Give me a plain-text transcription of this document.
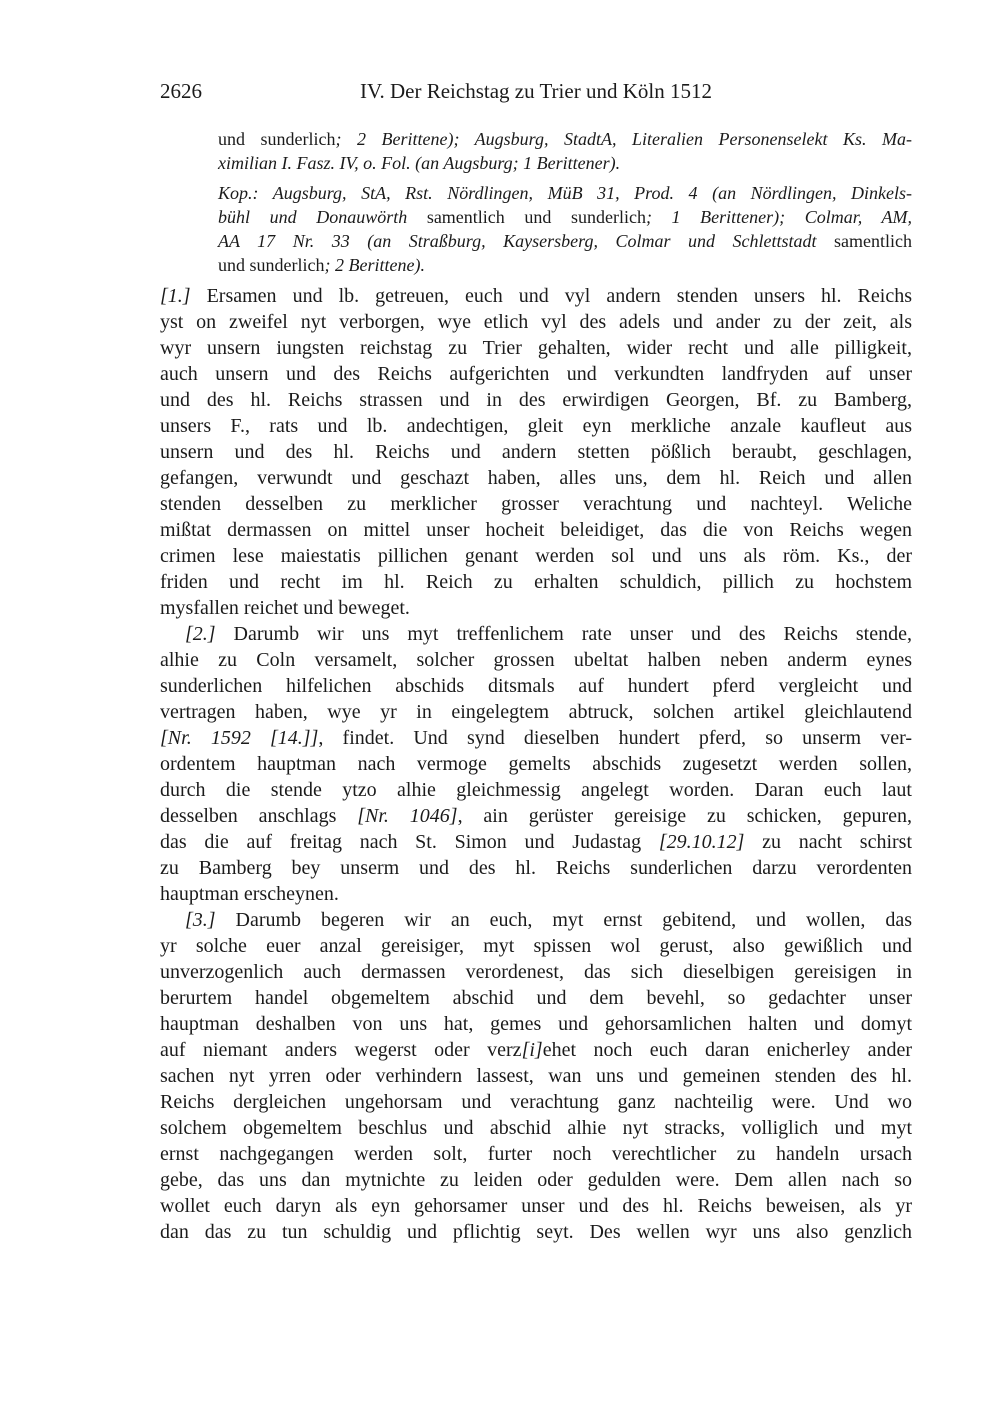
2626	IV. Der Reichstag zu Trier und Köln 1512
und sunderlich; 2 Berittene); Augsburg, StadtA, Literalien Personenselekt Ks. Ma-
ximilian I. Fasz. IV, o. Fol. (an Augsburg; 1 Berittener).
Kop.: Augsburg, StA, Rst. Nördlingen, MüB 31, Prod. 4 (an Nördlingen, Dinkels-
bühl und Donauwörth samentlich und sunderlich; 1 Berittener); Colmar, AM,
AA 17 Nr. 33 (an Straßburg, Kaysersberg, Colmar und Schlettstadt samentlich
und sunderlich; 2 Berittene).
[1.] Ersamen und lb. getreuen, euch und vyl andern stenden unsers hl. Reichs
yst on zweifel nyt verborgen, wye etlich vyl des adels und ander zu der zeit, als
wyr unsern iungsten reichstag zu Trier gehalten, wider recht und alle pilligkeit,
auch unsern und des Reichs aufgerichten und verkundten landfryden auf unser
und des hl. Reichs strassen und in des erwirdigen Georgen, Bf. zu Bamberg,
unsers F., rats und lb. andechtigen, gleit eyn merkliche anzale kaufleut aus
unsern und des hl. Reichs und andern stetten pößlich beraubt, geschlagen,
gefangen, verwundt und geschazt haben, alles uns, dem hl. Reich und allen
stenden desselben zu merklicher grosser verachtung und nachteyl. Weliche
mißtat dermassen on mittel unser hocheit beleidiget, das die von Reichs wegen
crimen lese maiestatis pillichen genant werden sol und uns als röm. Ks., der
friden und recht im hl. Reich zu erhalten schuldich, pillich zu hochstem
mysfallen reichet und beweget.
[2.] Darumb wir uns myt treffenlichem rate unser und des Reichs stende,
alhie zu Coln versamelt, solcher grossen ubeltat halben neben anderm eynes
sunderlichen hilfelichen abschids ditsmals auf hundert pferd vergleicht und
vertragen haben, wye yr in eingelegtem abtruck, solchen artikel gleichlautend
[Nr. 1592 [14.]], findet. Und synd dieselben hundert pferd, so unserm ver-
ordentem hauptman nach vermoge gemelts abschids zugesetzt werden sollen,
durch die stende ytzo alhie gleichmessig angelegt worden. Daran euch laut
desselben anschlags [Nr. 1046], ain gerüster gereisige zu schicken, gepuren,
das die auf freitag nach St. Simon und Judastag [29.10.12] zu nacht schirst
zu Bamberg bey unserm und des hl. Reichs sunderlichen darzu verordenten
hauptman erscheynen.
[3.] Darumb begeren wir an euch, myt ernst gebitend, und wollen, das
yr solche euer anzal gereisiger, myt spissen wol gerust, also gewißlich und
unverzogenlich auch dermassen verordenest, das sich dieselbigen gereisigen in
berurtem handel obgemeltem abschid und dem bevehl, so gedachter unser
hauptman deshalben von uns hat, gemes und gehorsamlichen halten und domyt
auf niemant anders wegerst oder verz[i]ehet noch euch daran enicherley ander
sachen nyt yrren oder verhindern lassest, wan uns und gemeinen stenden des hl.
Reichs dergleichen ungehorsam und verachtung ganz nachteilig were. Und wo
solchem obgemeltem beschlus und abschid alhie nyt stracks, volliglich und myt
ernst nachgegangen werden solt, furter noch verechtlicher zu handeln ursach
gebe, das uns dan mytnichte zu leiden oder gedulden were. Dem allen nach so
wollet euch daryn als eyn gehorsamer unser und des hl. Reichs beweisen, als yr
dan das zu tun schuldig und pflichtig seyt. Des wellen wyr uns also genzlich
